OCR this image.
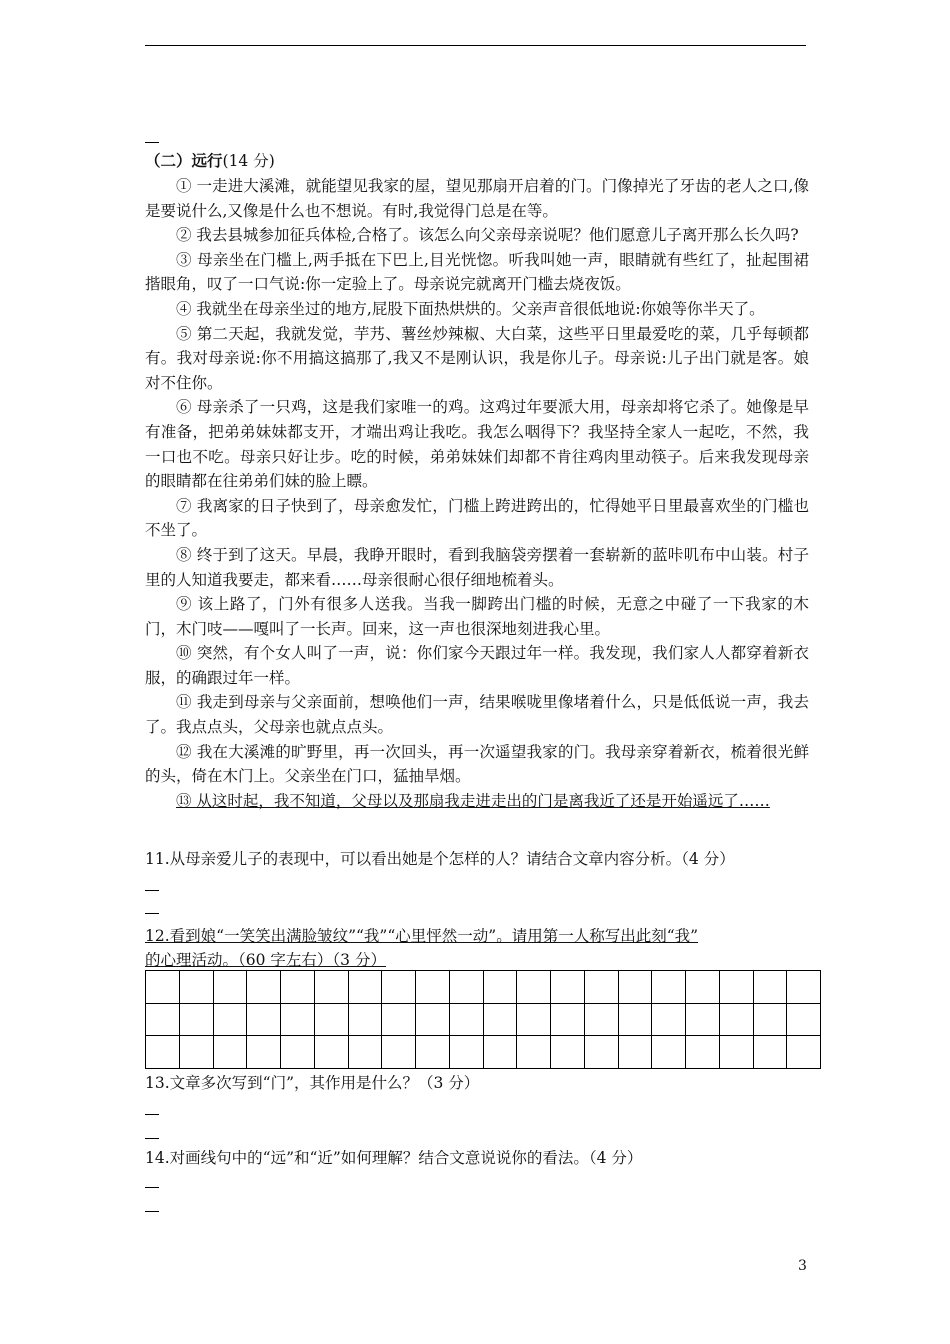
（二）远行(14 分)

① 一走进大溪滩，就能望见我家的屋，望见那扇开启着的门。门像掉光了牙齿的老人之口,像是要说什么,又像是什么也不想说。有时,我觉得门总是在等。

② 我去县城参加征兵体检,合格了。该怎么向父亲母亲说呢？他们愿意儿子离开那么长久吗?

③ 母亲坐在门槛上,两手抵在下巴上,目光恍惚。听我叫她一声，眼睛就有些红了，扯起围裙揩眼角，叹了一口气说:你一定验上了。母亲说完就离开门槛去烧夜饭。

④ 我就坐在母亲坐过的地方,屁股下面热烘烘的。父亲声音很低地说:你娘等你半天了。

⑤ 第二天起，我就发觉，芋艿、薯丝炒辣椒、大白菜，这些平日里最爱吃的菜，几乎每顿都有。我对母亲说:你不用搞这搞那了,我又不是刚认识，我是你儿子。母亲说:儿子出门就是客。娘对不住你。

⑥ 母亲杀了一只鸡，这是我们家唯一的鸡。这鸡过年要派大用，母亲却将它杀了。她像是早有准备，把弟弟妹妹都支开，才端出鸡让我吃。我怎么咽得下？我坚持全家人一起吃，不然，我一口也不吃。母亲只好让步。吃的时候，弟弟妹妹们却都不肯往鸡肉里动筷子。后来我发现母亲的眼睛都在往弟弟们妹的脸上瞟。

⑦ 我离家的日子快到了，母亲愈发忙，门槛上跨进跨出的，忙得她平日里最喜欢坐的门槛也不坐了。

⑧ 终于到了这天。早晨，我睁开眼时，看到我脑袋旁摆着一套崭新的蓝咔叽布中山装。村子里的人知道我要走，都来看……母亲很耐心很仔细地梳着头。

⑨ 该上路了，门外有很多人送我。当我一脚跨出门槛的时候，无意之中碰了一下我家的木门，木门吱——嘎叫了一长声。回来，这一声也很深地刻进我心里。

⑩ 突然，有个女人叫了一声，说：你们家今天跟过年一样。我发现，我们家人人都穿着新衣服，的确跟过年一样。

⑪ 我走到母亲与父亲面前，想唤他们一声，结果喉咙里像堵着什么，只是低低说一声，我去了。我点点头，父母亲也就点点头。

⑫ 我在大溪滩的旷野里，再一次回头，再一次遥望我家的门。我母亲穿着新衣，梳着很光鲜的头，倚在木门上。父亲坐在门口，猛抽旱烟。

⑬ 从这时起，我不知道，父母以及那扇我走进走出的门是离我近了还是开始遥远了……

11.从母亲爱儿子的表现中，可以看出她是个怎样的人？请结合文章内容分析。（4 分）

12.看到娘“一笑笑出满脸皱纹”“我”“心里怦然一动”。请用第一人称写出此刻“我”
的心理活动。（60 字左右）（3 分）

13.文章多次写到“门”，其作用是什么？（3 分）

14.对画线句中的“远”和“近”如何理解？结合文意说说你的看法。（4 分）

3
